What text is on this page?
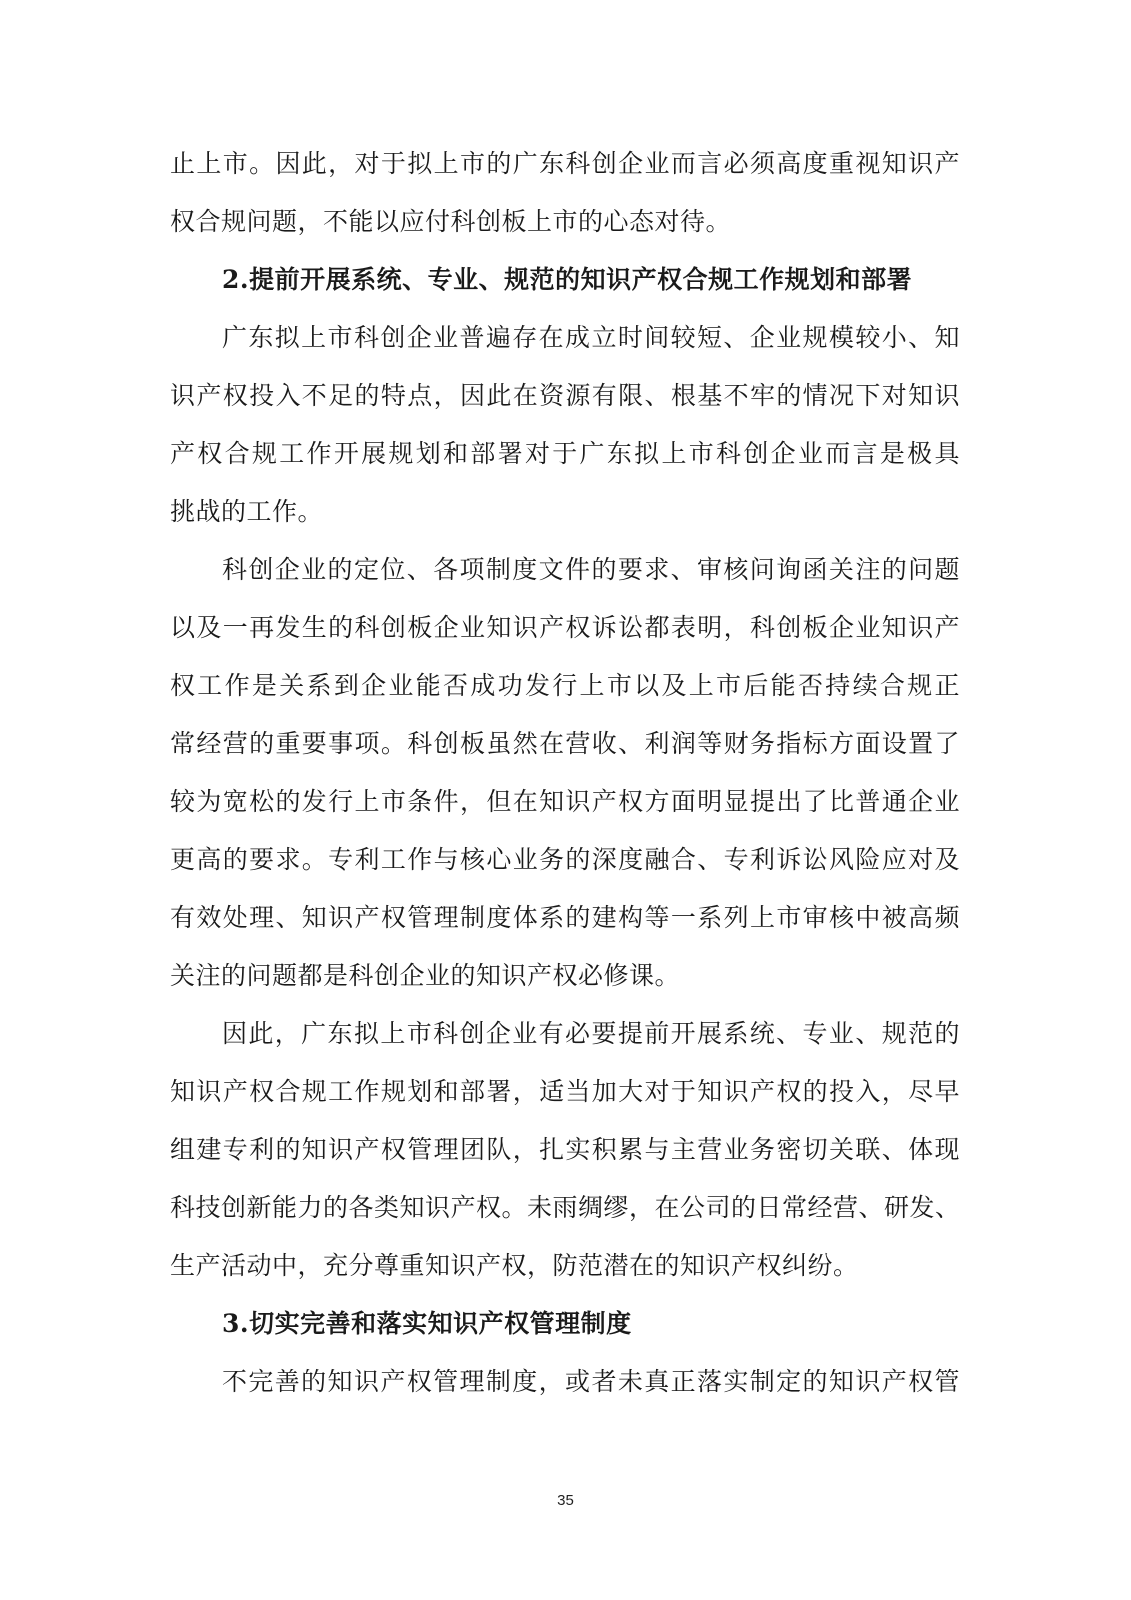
止上市。因此，对于拟上市的广东科创企业而言必须高度重视知识产
权合规问题，不能以应付科创板上市的心态对待。
2.提前开展系统、专业、规范的知识产权合规工作规划和部署
广东拟上市科创企业普遍存在成立时间较短、企业规模较小、知
识产权投入不足的特点，因此在资源有限、根基不牢的情况下对知识
产权合规工作开展规划和部署对于广东拟上市科创企业而言是极具
挑战的工作。
科创企业的定位、各项制度文件的要求、审核问询函关注的问题
以及一再发生的科创板企业知识产权诉讼都表明，科创板企业知识产
权工作是关系到企业能否成功发行上市以及上市后能否持续合规正
常经营的重要事项。科创板虽然在营收、利润等财务指标方面设置了
较为宽松的发行上市条件，但在知识产权方面明显提出了比普通企业
更高的要求。专利工作与核心业务的深度融合、专利诉讼风险应对及
有效处理、知识产权管理制度体系的建构等一系列上市审核中被高频
关注的问题都是科创企业的知识产权必修课。
因此，广东拟上市科创企业有必要提前开展系统、专业、规范的
知识产权合规工作规划和部署，适当加大对于知识产权的投入，尽早
组建专利的知识产权管理团队，扎实积累与主营业务密切关联、体现
科技创新能力的各类知识产权。未雨绸缪，在公司的日常经营、研发、
生产活动中，充分尊重知识产权，防范潜在的知识产权纠纷。
3.切实完善和落实知识产权管理制度
不完善的知识产权管理制度，或者未真正落实制定的知识产权管
35
